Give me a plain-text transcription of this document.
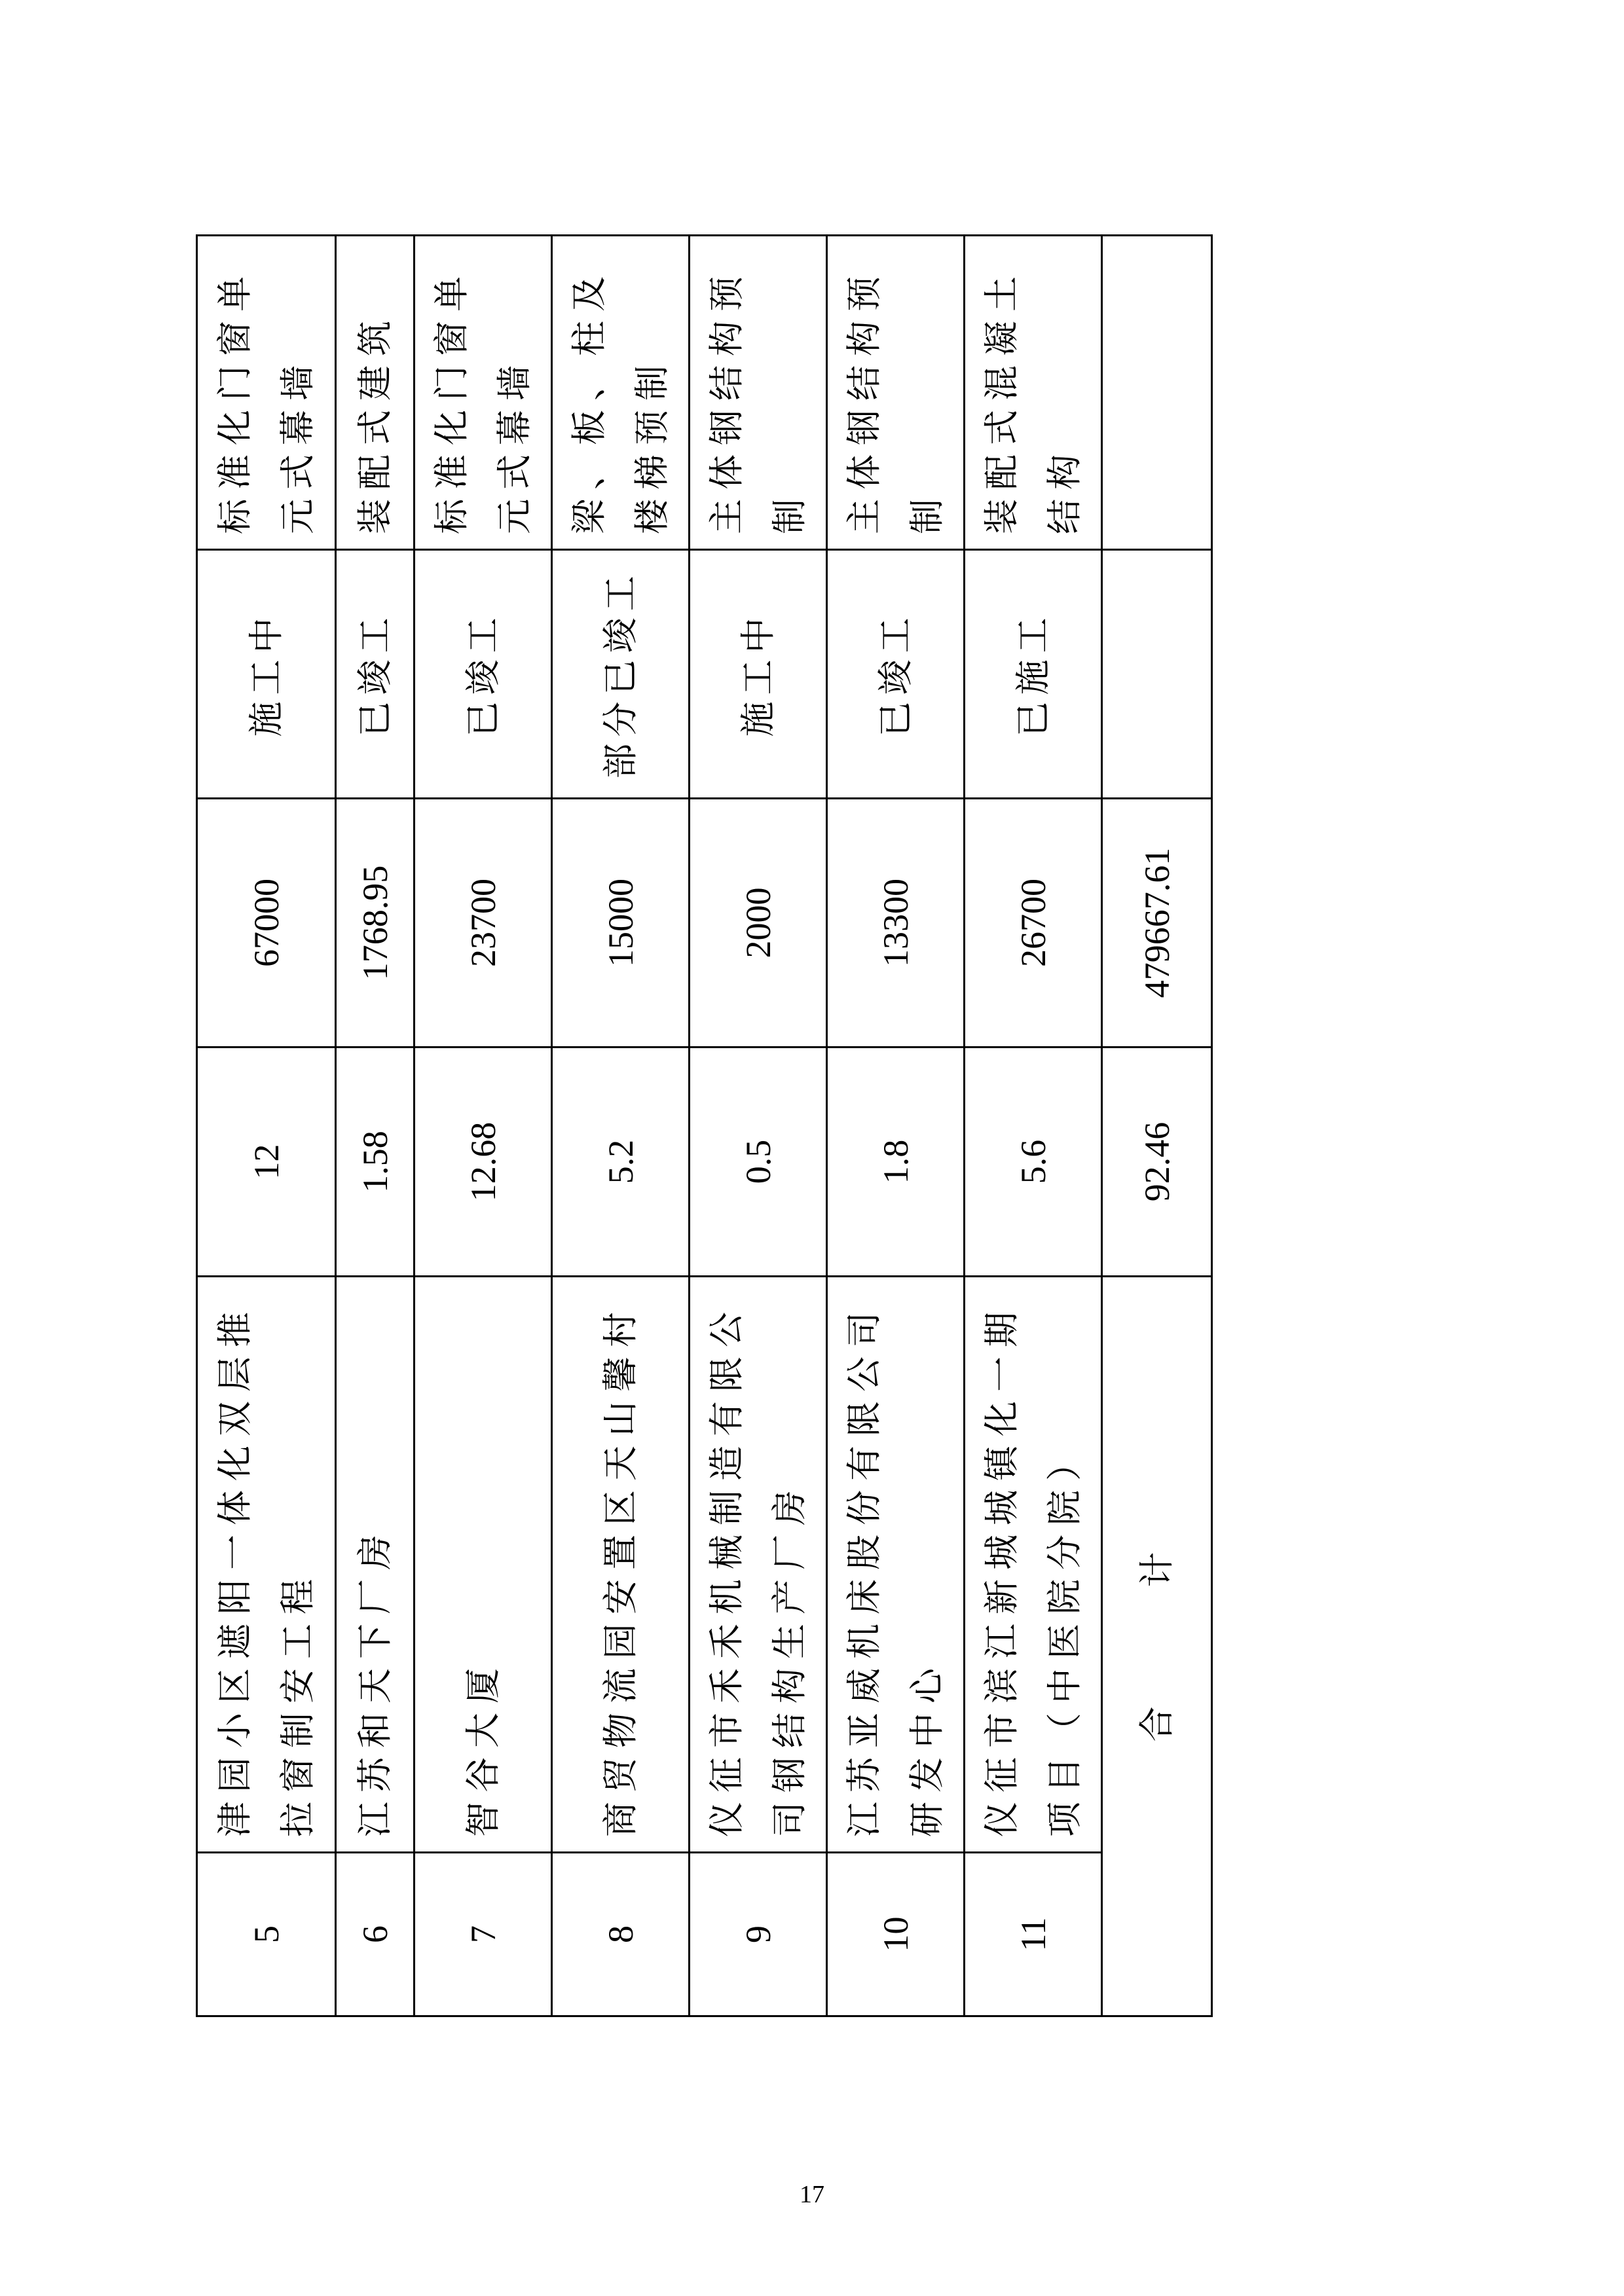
5	津园小区遮阳一体化双层推拉窗制安工程	12	67000	施工中	标准化门窗单元式幕墙
6	江苏和天下厂房	1.58	1768.95	已竣工	装配式建筑
7	智谷大厦	12.68	23700	已竣工	标准化门窗单元式幕墙
8	商贸物流园安置区天山馨村	5.2	15000	部分已竣工	梁、板、柱及楼梯预制
9	仪征市禾禾机械制造有限公司钢结构生产厂房	0.5	2000	施工中	主体钢结构预制
10	江苏亚威机床股份有限公司研发中心	1.8	13300	已竣工	主体钢结构预制
11	仪征市滨江新城城镇化一期项目（中医院分院）	5.6	26700	已施工	装配式混凝土结构
合计		92.46	479667.61		
17
